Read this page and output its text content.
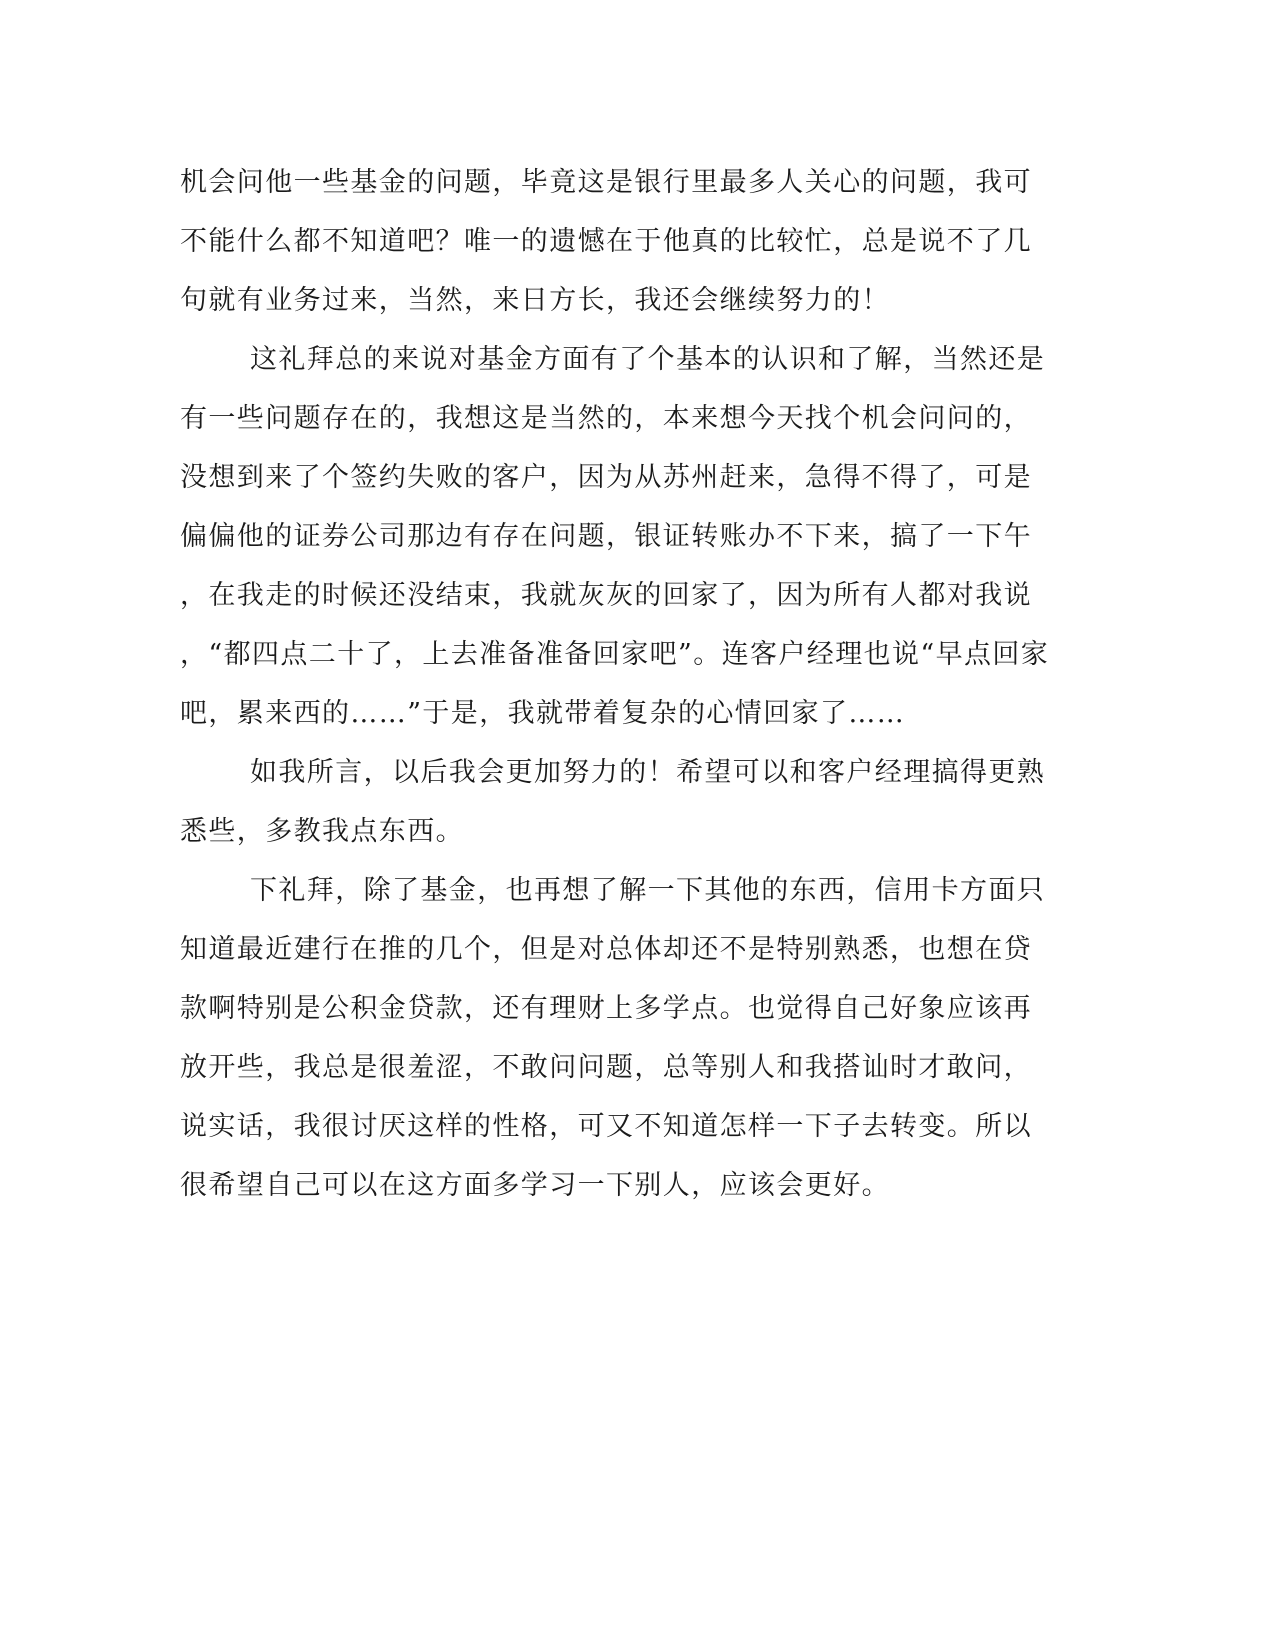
机会问他一些基金的问题，毕竟这是银行里最多人关心的问题，我可
不能什么都不知道吧？唯一的遗憾在于他真的比较忙，总是说不了几
句就有业务过来，当然，来日方长，我还会继续努力的！

这礼拜总的来说对基金方面有了个基本的认识和了解，当然还是
有一些问题存在的，我想这是当然的，本来想今天找个机会问问的，
没想到来了个签约失败的客户，因为从苏州赶来，急得不得了，可是
偏偏他的证券公司那边有存在问题，银证转账办不下来，搞了一下午
，在我走的时候还没结束，我就灰灰的回家了，因为所有人都对我说
，“都四点二十了，上去准备准备回家吧”。连客户经理也说“早点回家
吧，累来西的……”于是，我就带着复杂的心情回家了……

如我所言，以后我会更加努力的！希望可以和客户经理搞得更熟
悉些，多教我点东西。

下礼拜，除了基金，也再想了解一下其他的东西，信用卡方面只
知道最近建行在推的几个，但是对总体却还不是特别熟悉，也想在贷
款啊特别是公积金贷款，还有理财上多学点。也觉得自己好象应该再
放开些，我总是很羞涩，不敢问问题，总等别人和我搭讪时才敢问，
说实话，我很讨厌这样的性格，可又不知道怎样一下子去转变。所以
很希望自己可以在这方面多学习一下别人，应该会更好。
